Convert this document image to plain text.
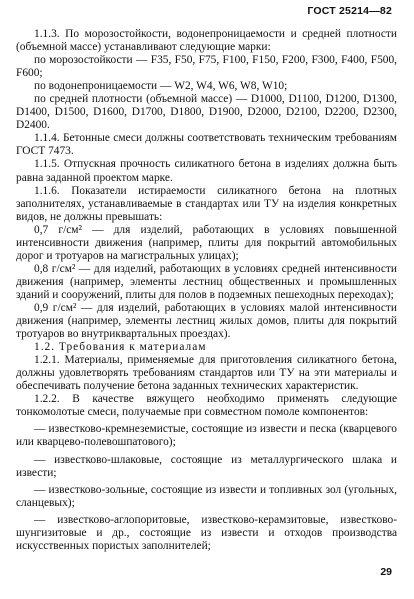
ГОСТ 25214—82

1.1.3. По морозостойкости, водонепроницаемости и средней плотности (объемной массе) устанавливают следующие марки:

по морозостойкости — F35, F50, F75, F100, F150, F200, F300, F400, F500, F600;

по водонепроницаемости — W2, W4, W6, W8, W10;

по средней плотности (объемной массе) — D1000, D1100, D1200, D1300, D1400, D1500, D1600, D1700, D1800, D1900, D2000, D2100, D2200, D2300, D2400.

1.1.4. Бетонные смеси должны соответствовать техническим требованиям ГОСТ 7473.

1.1.5. Отпускная прочность силикатного бетона в изделиях должна быть равна заданной проектом марке.

1.1.6. Показатели истираемости силикатного бетона на плотных заполнителях, устанавливаемые в стандартах или ТУ на изделия конкретных видов, не должны превышать:

0,7 г/см² — для изделий, работающих в условиях повышенной интенсивности движения (например, плиты для покрытий автомобильных дорог и тротуаров на магистральных улицах);

0,8 г/см² — для изделий, работающих в условиях средней интенсивности движения (например, элементы лестниц общественных и промышленных зданий и сооружений, плиты для полов в подземных пешеходных переходах);

0,9 г/см² — для изделий, работающих в условиях малой интенсивности движения (например, элементы лестниц жилых домов, плиты для покрытий тротуаров во внутриквартальных проездах).

1.2. Требования к материалам

1.2.1. Материалы, применяемые для приготовления силикатного бетона, должны удовлетворять требованиям стандартов или ТУ на эти материалы и обеспечивать получение бетона заданных технических характеристик.

1.2.2. В качестве вяжущего необходимо применять следующие тонкомолотые смеси, получаемые при совместном помоле компонентов:

— известково-кремнеземистые, состоящие из извести и песка (кварцевого или кварцево-полевошпатового);

— известково-шлаковые, состоящие из металлургического шлака и извести;

— известково-зольные, состоящие из извести и топливных зол (угольных, сланцевых);

— известково-аглопоритовые, известково-керамзитовые, известково-шунгизитовые и др., состоящие из извести и отходов производства искусственных пористых заполнителей;

29
